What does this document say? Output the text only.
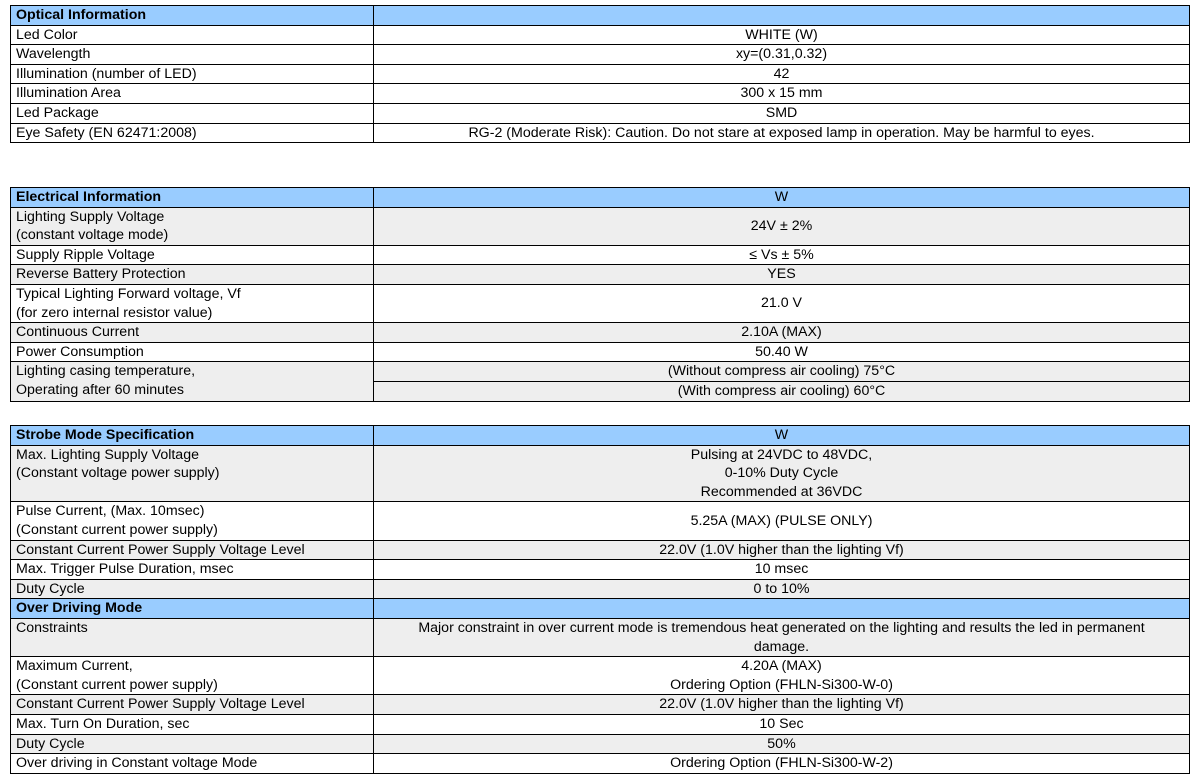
Optical Information	
Led Color	WHITE (W)
Wavelength	xy=(0.31,0.32)
Illumination (number of LED)	42
Illumination Area	300 x 15 mm
Led Package	SMD
Eye Safety (EN 62471:2008)	RG-2 (Moderate Risk): Caution. Do not stare at exposed lamp in operation. May be harmful to eyes.
Electrical Information	W

Lighting Supply Voltage
(constant voltage mode)	24V ± 2%
Supply Ripple Voltage	≤ Vs ± 5%
Reverse Battery Protection	YES

Typical Lighting Forward voltage, Vf
(for zero internal resistor value)	21.0 V
Continuous Current	2.10A (MAX)
Power Consumption	50.40 W

Lighting casing temperature,
Operating after 60 minutes	(Without compress air cooling) 75°C
	(With compress air cooling) 60°C
Strobe Mode Specification	W

Max. Lighting Supply Voltage
(Constant voltage power supply)	Pulsing at 24VDC to 48VDC,
0-10% Duty Cycle
Recommended at 36VDC

Pulse Current, (Max. 10msec)
(Constant current power supply)	5.25A (MAX) (PULSE ONLY)
Constant Current Power Supply Voltage Level	22.0V (1.0V higher than the lighting Vf)
Max. Trigger Pulse Duration, msec	10 msec
Duty Cycle	0 to 10%
Over Driving Mode	
Constraints	Major constraint in over current mode is tremendous heat generated on the lighting and results the led in permanent damage.

Maximum Current,
(Constant current power supply)	4.20A (MAX)
Ordering Option (FHLN-Si300-W-0)

Constant Current Power Supply Voltage Level	22.0V (1.0V higher than the lighting Vf)
Max. Turn On Duration, sec	10 Sec
Duty Cycle	50%
Over driving in Constant voltage Mode	Ordering Option (FHLN-Si300-W-2)
